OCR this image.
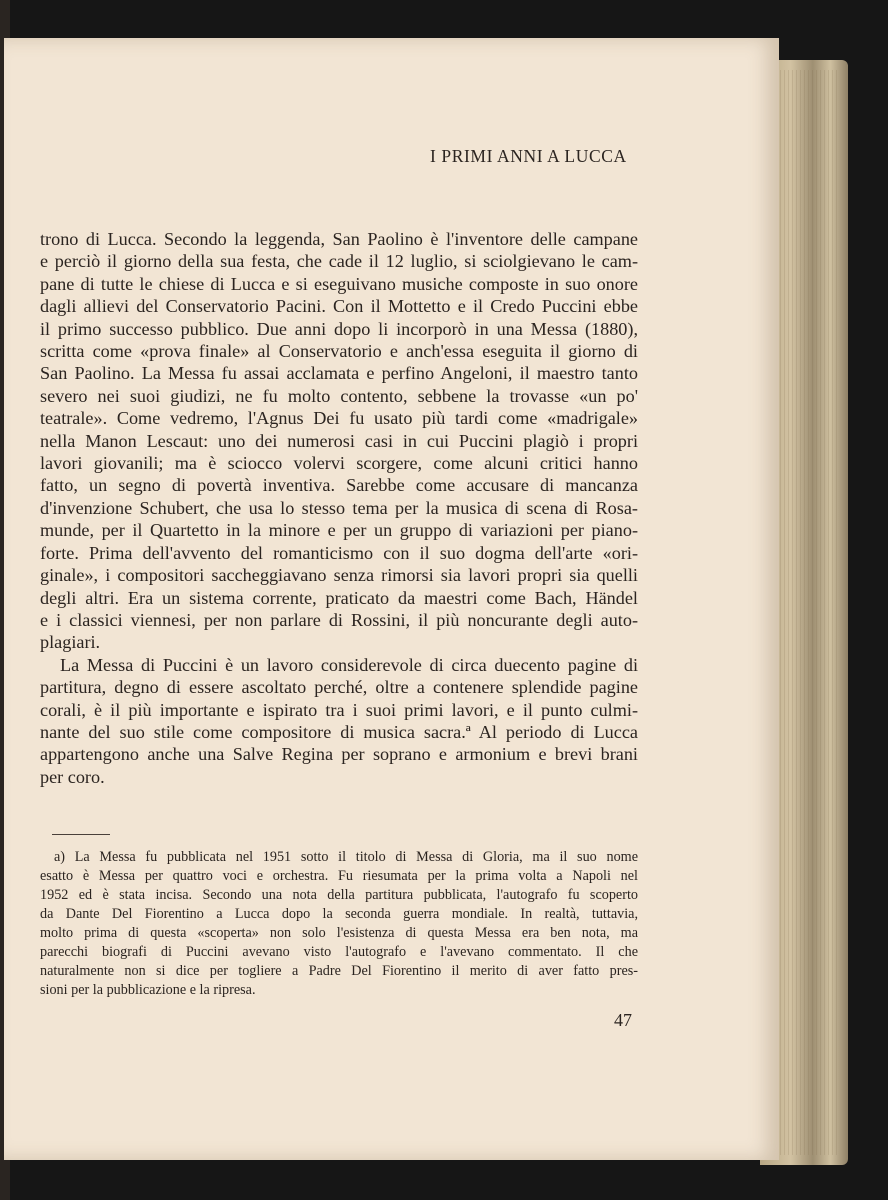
I PRIMI ANNI A LUCCA

trono di Lucca. Secondo la leggenda, San Paolino è l'inventore delle campane

e perciò il giorno della sua festa, che cade il 12 luglio, si sciolgievano le cam-

pane di tutte le chiese di Lucca e si eseguivano musiche composte in suo onore

dagli allievi del Conservatorio Pacini. Con il Mottetto e il Credo Puccini ebbe

il primo successo pubblico. Due anni dopo li incorporò in una Messa (1880),

scritta come «prova finale» al Conservatorio e anch'essa eseguita il giorno di

San Paolino. La Messa fu assai acclamata e perfino Angeloni, il maestro tanto

severo nei suoi giudizi, ne fu molto contento, sebbene la trovasse «un po'

teatrale». Come vedremo, l'Agnus Dei fu usato più tardi come «madrigale»

nella Manon Lescaut: uno dei numerosi casi in cui Puccini plagiò i propri

lavori giovanili; ma è sciocco volervi scorgere, come alcuni critici hanno

fatto, un segno di povertà inventiva. Sarebbe come accusare di mancanza

d'invenzione Schubert, che usa lo stesso tema per la musica di scena di Rosa-

munde, per il Quartetto in la minore e per un gruppo di variazioni per piano-

forte. Prima dell'avvento del romanticismo con il suo dogma dell'arte «ori-

ginale», i compositori saccheggiavano senza rimorsi sia lavori propri sia quelli

degli altri. Era un sistema corrente, praticato da maestri come Bach, Händel

e i classici viennesi, per non parlare di Rossini, il più noncurante degli auto-

plagiari.

La Messa di Puccini è un lavoro considerevole di circa duecento pagine di

partitura, degno di essere ascoltato perché, oltre a contenere splendide pagine

corali, è il più importante e ispirato tra i suoi primi lavori, e il punto culmi-

nante del suo stile come compositore di musica sacra.ª Al periodo di Lucca

appartengono anche una Salve Regina per soprano e armonium e brevi brani

per coro.

a) La Messa fu pubblicata nel 1951 sotto il titolo di Messa di Gloria, ma il suo nome

esatto è Messa per quattro voci e orchestra. Fu riesumata per la prima volta a Napoli nel

1952 ed è stata incisa. Secondo una nota della partitura pubblicata, l'autografo fu scoperto

da Dante Del Fiorentino a Lucca dopo la seconda guerra mondiale. In realtà, tuttavia,

molto prima di questa «scoperta» non solo l'esistenza di questa Messa era ben nota, ma

parecchi biografi di Puccini avevano visto l'autografo e l'avevano commentato. Il che

naturalmente non si dice per togliere a Padre Del Fiorentino il merito di aver fatto pres-

sioni per la pubblicazione e la ripresa.

47
